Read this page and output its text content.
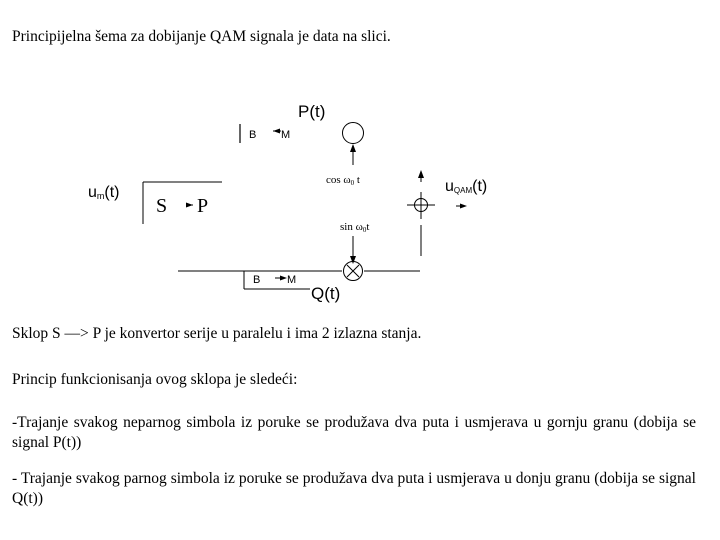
Principijelna šema za dobijanje QAM signala je data na slici.
P(t)
B M
cos ω0 t
um(t)
S P
uQAM(t)
sin ω0t
B M
Q(t)
Sklop S —> P je konvertor serije u paralelu i ima 2 izlazna stanja.
Princip funkcionisanja ovog sklopa je sledeći:
-Trajanje svakog neparnog simbola iz poruke se produžava dva puta i usmjerava u gornju granu (dobija se signal P(t))
- Trajanje svakog parnog simbola iz poruke se produžava dva puta i usmjerava u donju granu (dobija se signal Q(t))
